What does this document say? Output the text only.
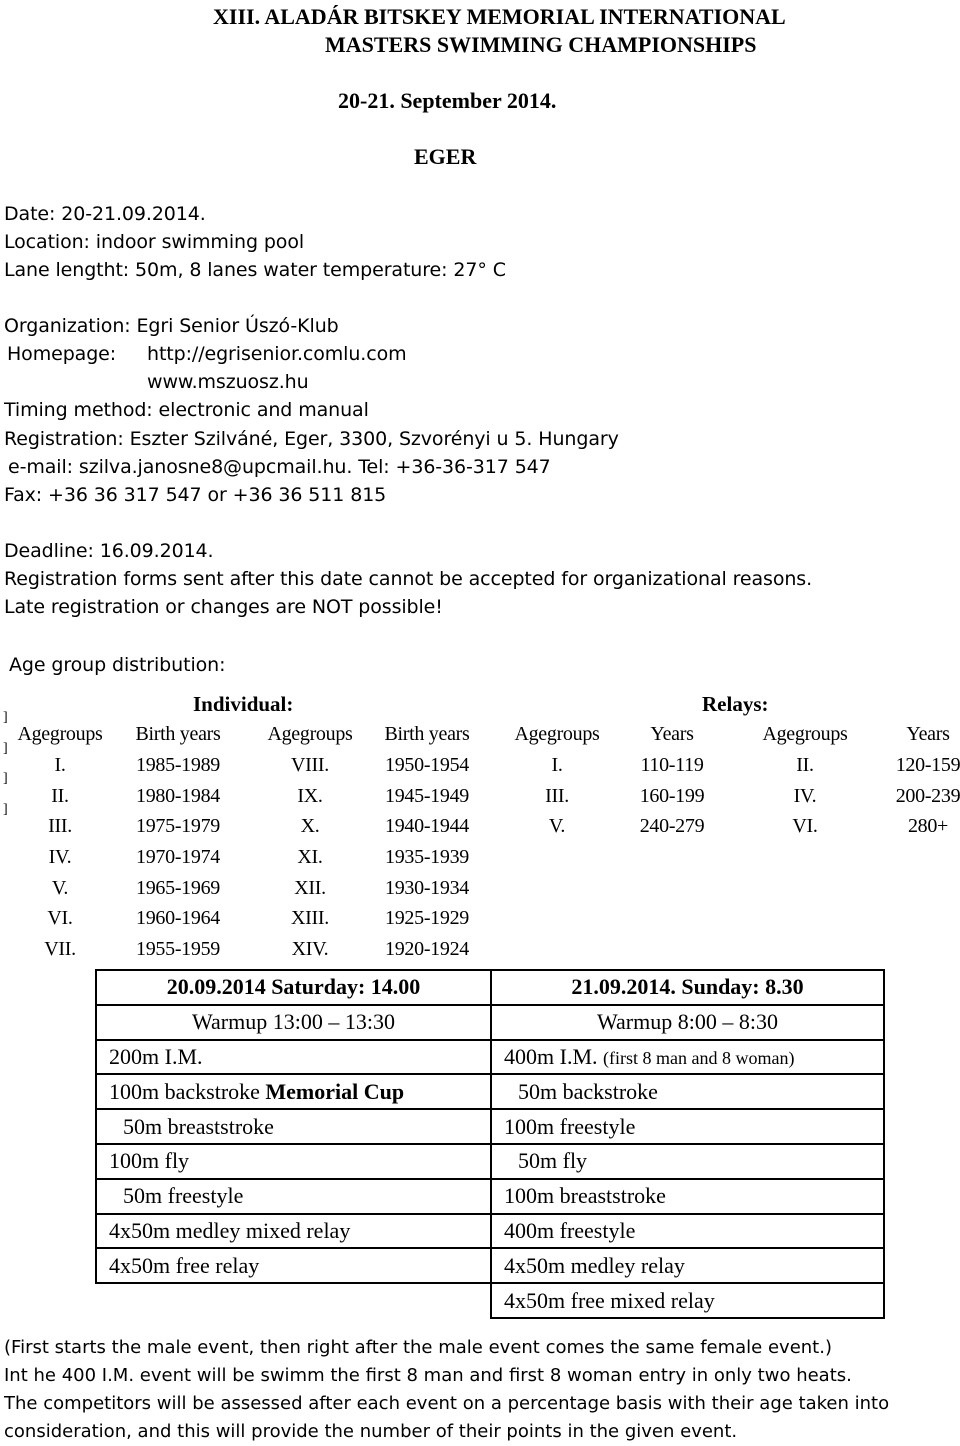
XIII. ALADÁR BITSKEY MEMORIAL INTERNATIONAL
MASTERS SWIMMING CHAMPIONSHIPS
20-21. September 2014.
EGER
Date: 20-21.09.2014.
Location: indoor swimming pool
Lane lengtht: 50m, 8 lanes water temperature: 27° C
Organization: Egri Senior Úszó-Klub
Homepage: http://egrisenior.comlu.com
www.mszuosz.hu
Timing method: electronic and manual
Registration: Eszter Szilváné, Eger, 3300, Szvorényi u 5. Hungary
e-mail: szilva.janosne8@upcmail.hu. Tel: +36-36-317 547
Fax: +36 36 317 547 or +36 36 511 815
Deadline: 16.09.2014.
Registration forms sent after this date cannot be accepted for organizational reasons.
Late registration or changes are NOT possible!
Age group distribution:
Individual:	Relays:
]
]
]
]
Agegroups	Birth years	Agegroups	Birth years	Agegroups	Years	Agegroups	Years
I.	1985-1989	VIII.	1950-1954	I.	110-119	II.	120-159
II.	1980-1984	IX.	1945-1949	III.	160-199	IV.	200-239
III.	1975-1979	X.	1940-1944	V.	240-279	VI.	280+
IV.	1970-1974	XI.	1935-1939
V.	1965-1969	XII.	1930-1934
VI.	1960-1964	XIII.	1925-1929
VII.	1955-1959	XIV.	1920-1924
20.09.2014 Saturday: 14.00	21.09.2014. Sunday: 8.30
Warmup 13:00 – 13:30	Warmup 8:00 – 8:30
200m I.M.	400m I.M. (first 8 man and 8 woman)
100m backstroke Memorial Cup	50m backstroke
50m breaststroke	100m freestyle
100m fly	50m fly
50m freestyle	100m breaststroke
4x50m medley mixed relay	400m freestyle
4x50m free relay	4x50m medley relay
	4x50m free mixed relay
(First starts the male event, then right after the male event comes the same female event.)
Int he 400 I.M. event will be swimm the first 8 man and first 8 woman entry in only two heats.
The competitors will be assessed after each event on a percentage basis with their age taken into
consideration, and this will provide the number of their points in the given event.
